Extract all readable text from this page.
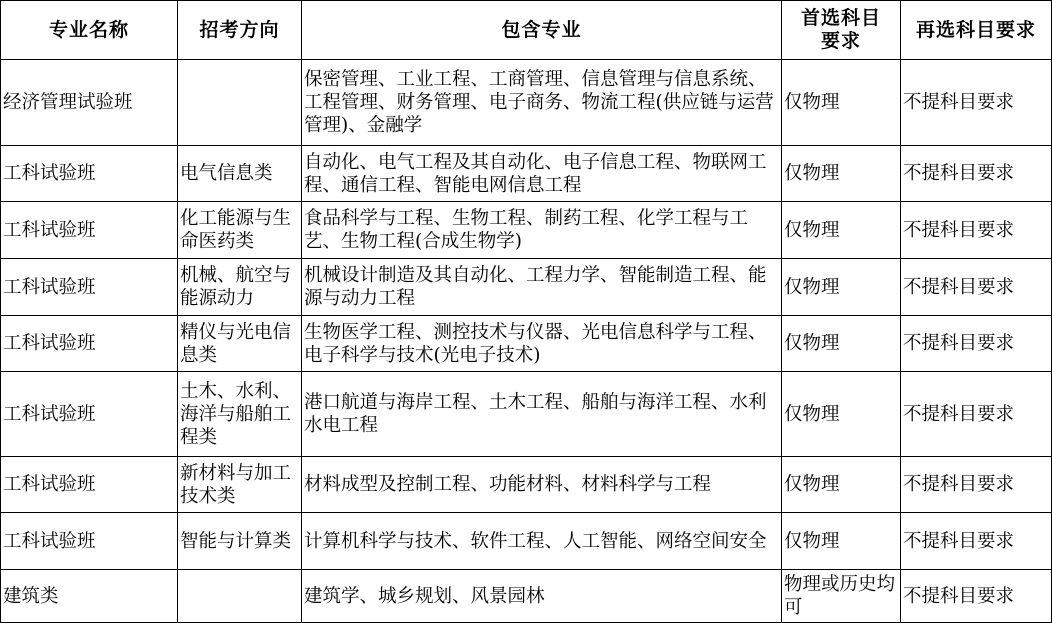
专业名称	招考方向	包含专业	首选科目要求	再选科目要求
经济管理试验班		保密管理、工业工程、工商管理、信息管理与信息系统、工程管理、财务管理、电子商务、物流工程(供应链与运营管理)、金融学	仅物理	不提科目要求
工科试验班	电气信息类	自动化、电气工程及其自动化、电子信息工程、物联网工程、通信工程、智能电网信息工程	仅物理	不提科目要求
工科试验班	化工能源与生命医药类	食品科学与工程、生物工程、制药工程、化学工程与工艺、生物工程(合成生物学)	仅物理	不提科目要求
工科试验班	机械、航空与能源动力	机械设计制造及其自动化、工程力学、智能制造工程、能源与动力工程	仅物理	不提科目要求
工科试验班	精仪与光电信息类	生物医学工程、测控技术与仪器、光电信息科学与工程、电子科学与技术(光电子技术)	仅物理	不提科目要求
工科试验班	土木、水利、海洋与船舶工程类	港口航道与海岸工程、土木工程、船舶与海洋工程、水利水电工程	仅物理	不提科目要求
工科试验班	新材料与加工技术类	材料成型及控制工程、功能材料、材料科学与工程	仅物理	不提科目要求
工科试验班	智能与计算类	计算机科学与技术、软件工程、人工智能、网络空间安全	仅物理	不提科目要求
建筑类		建筑学、城乡规划、风景园林	物理或历史均可	不提科目要求
